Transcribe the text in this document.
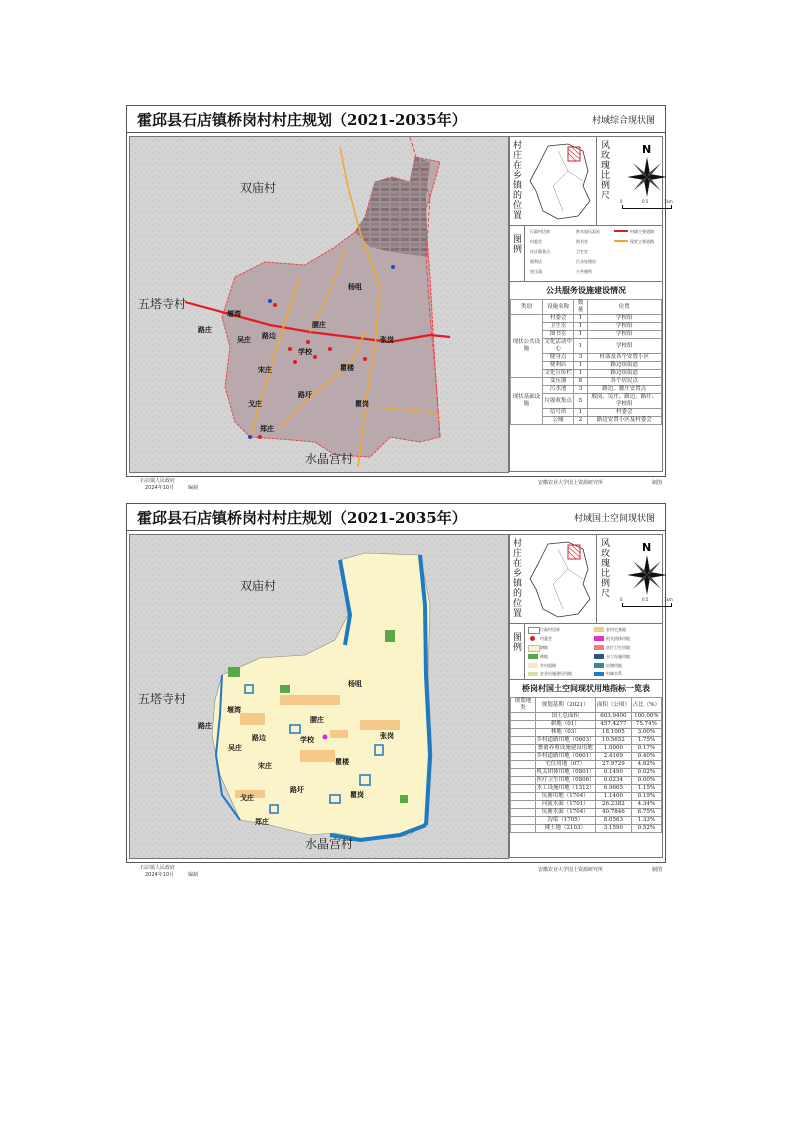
霍邱县石店镇桥岗村村庄规划（2021-2035年）	村域综合现状图
双庙村
五塔寺村
水晶宫村
杨咀
堰湾
路庄
吴庄 路边
腰庄
张岗
学校
宋庄	瞿楼
路圩
戈庄
郑庄
瞿岗
村庄在乡镇的位置
风玫瑰比例尺
N
0	0.5	1km
图例
行政村边界
村委会
社区服务点
便利店
变压器
供水加压泵站
图书室
卫生室
污水处理站
公共厕所
村域主要道路
现状主要道路
公共服务设施建设情况
类别	设施名称	数量	位置
现状公共设施	村委会	1	学校组
	卫生室	1	学校组
	图书室	1	学校组
	文化活动中心	1	学校组
	健身点	3	村部及各个安置小区
	便利店	1	路边组街道
	文化宣传栏	1	路边组街道
现状基础设施	变压器	8	各个居民点
	污水池	3	路边、腰庄安置点
	垃圾收集点	5	瑕岗、吴庄、路边、路圩、学校组
	信号塔	1	村委会
	公厕	2	路边安置小区及村委会
石店镇人民政府
2024年10月	编制
安徽农业大学国土资源研究所	制图
霍邱县石店镇桥岗村村庄规划（2021-2035年）	村域国土空间现状图
双庙村
五塔寺村
水晶宫村
杨咀
堰湾
路庄
吴庄
路边
腰庄
张岗
学校
宋庄	瞿楼
路圩
戈庄
郑庄
瞿岗
村庄在乡镇的位置
风玫瑰比例尺
N
0	0.5	1km
图例
行政村边界
村委会
耕地
林地
乡村道路
农业设施建设用地
农村宅基地
机关团体用地
医疗卫生用地
水工设施用地
坑塘用地
村域水系
桥岗村国土空间现状用地指标一览表
规划地类	规划基期（2021）	面积（公顷）	占比（%）
	国土总面积	603.9400	100.00%
	耕地（01）	457.4277	75.74%
	林地（03）	18.1005	3.00%
	乡村道路用地（0603）	10.5652	1.75%
	畜禽养殖设施建设用地	1.0000	0.17%
	乡村道路用地（0601）	2.4169	0.40%
	宅住用地（07）	27.9729	4.62%
	机关团体用地（0801）	0.1490	0.02%
	医疗卫生用地（0806）	0.0234	0.00%
	水工设施用地（1312）	6.9665	1.15%
	坑塘用地（1704）	1.1400	0.19%
	河流水面（1701）	26.2382	4.34%
	坑塘水面（1704）	40.7846	6.75%
	沟渠（1705）	8.0563	1.33%
	裸土地（2103）	3.1590	0.52%
石店镇人民政府
2024年10月	编制
安徽农业大学国土资源研究所	制图
